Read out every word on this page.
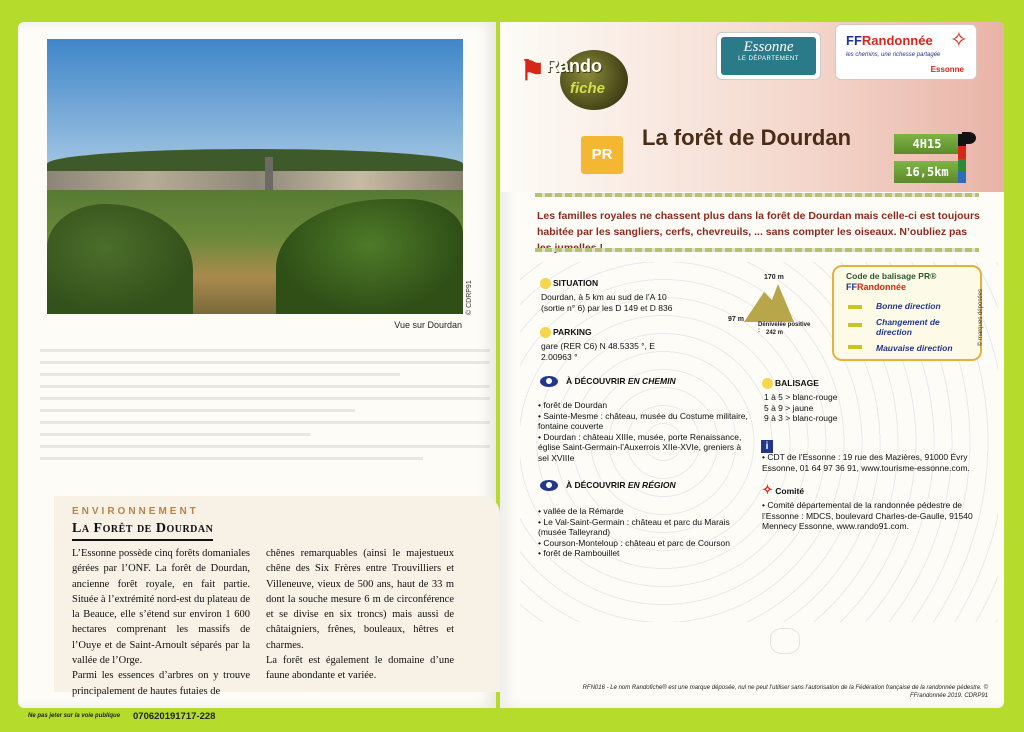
© CDRP91
Vue sur Dourdan
ENVIRONNEMENT
La Forêt de Dourdan

L’Essonne possède cinq forêts domaniales gérées par l’ONF. La forêt de Dourdan, ancienne forêt royale, en fait partie. Située à l’extrémité nord-est du plateau de la Beauce, elle s’étend sur environ 1 600 hectares comprenant les massifs de l’Ouye et de Saint-Arnoult séparés par la vallée de l’Orge.

Parmi les essences d’arbres on y trouve principalement de hautes futaies de

chênes remarquables (ainsi le majestueux chêne des Six Frères entre Trouvilliers et Villeneuve, vieux de 500 ans, haut de 33 m dont la souche mesure 6 m de circonférence et se divise en six troncs) mais aussi de châtaigniers, frênes, bouleaux, hêtres et charmes.

La forêt est également le domaine d’une faune abondante et variée.

Ne pas jeter sur la voie publique 070620191717-228
⚑ Rando
fiche
Essonne
LE DÉPARTEMENT
FFRandonnée ✧
les chemins, une richesse partagée
Essonne
PR
La forêt de Dourdan	4H15
16,5km
Les familles royales ne chassent plus dans la forêt de Dourdan mais celle-ci est toujours habitée par les sangliers, cerfs, chevreuils, ... sans compter les oiseaux. N’oubliez pas
SITUATION
Dourdan, à 5 km au sud de l’A 10 (sortie n° 6) par les D 149 et D 836
PARKING
gare (RER C6) N 48.5335 °, E 2.00963 °
170 m
97 m
Dénivelée positive :	242 m
Code de balisage PR®
FFRandonnée
Bonne direction
Changement de direction
Mauvaise direction
© marques déposées
À DÉCOUVRIR EN CHEMIN
• forêt de Dourdan
• Sainte-Mesme : château, musée du Costume militaire, fontaine couverte
• Dourdan : château XIIIe, musée, porte Renaissance, église Saint-Germain-l’Auxerrois XIIe-XVIe, greniers à sel XVIIIe
À DÉCOUVRIR EN RÉGION
• vallée de la Rémarde
• Le Val-Saint-Germain : château et parc du Marais (musée Talleyrand)
• Courson-Monteloup : château et parc de Courson
• forêt de Rambouillet
BALISAGE
1 à 5 > blanc-rouge
5 à 9 > jaune
9 à 3 > blanc-rouge
i
• CDT de l’Essonne : 19 rue des Mazières, 91000 Évry Essonne, 01 64 97 36 91, www.tourisme-essonne.com.
✧ Comité
• Comité départemental de la randonnée pédestre de l’Essonne : MDCS, boulevard Charles-de-Gaulle, 91540 Mennecy Essonne, www.rando91.com.
RFN016 - Le nom Randofiche® est une marque déposée, nul ne peut l’utiliser sans l’autorisation de la Fédération française de la randonnée pédestre. © FFrandonnée 2019. CDRP91
